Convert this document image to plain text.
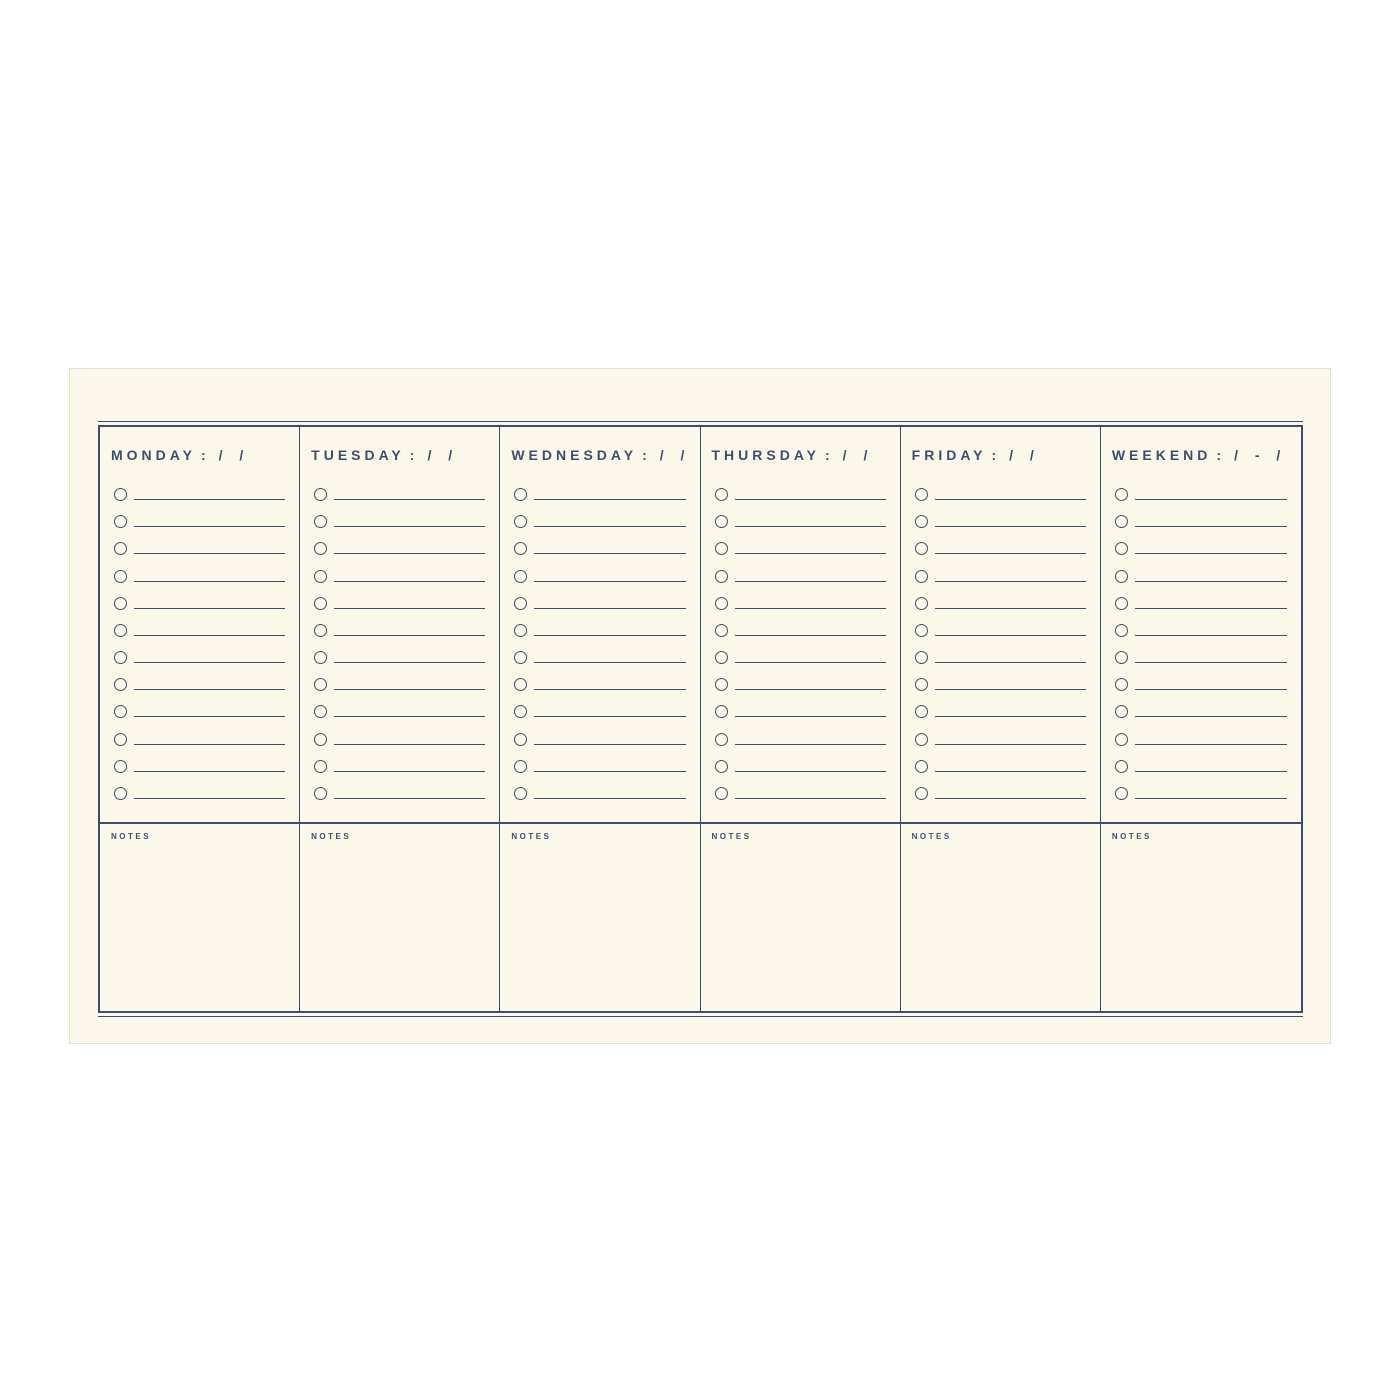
MONDAY : / /
NOTES
TUESDAY : / /
NOTES
WEDNESDAY : / /
NOTES
THURSDAY : / /
NOTES
FRIDAY : / /
NOTES
WEEKEND : / - /
NOTES
